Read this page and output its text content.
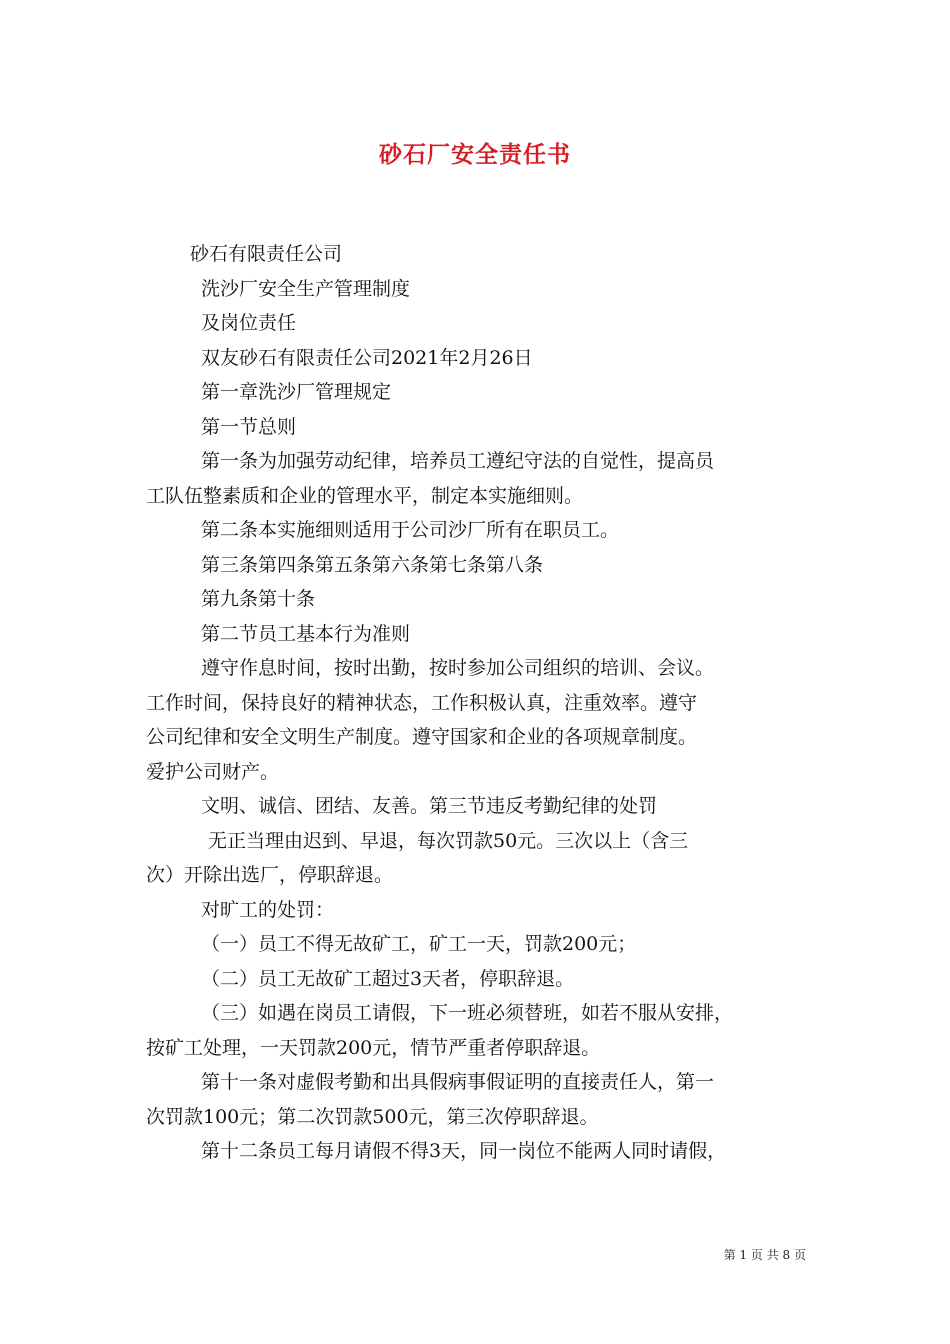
砂石厂安全责任书

砂石有限责任公司

洗沙厂安全生产管理制度

及岗位责任

双友砂石有限责任公司2021年2月26日

第一章洗沙厂管理规定

第一节总则

第一条为加强劳动纪律，培养员工遵纪守法的自觉性，提高员

工队伍整素质和企业的管理水平，制定本实施细则。

第二条本实施细则适用于公司沙厂所有在职员工。

第三条第四条第五条第六条第七条第八条

第九条第十条

第二节员工基本行为准则

遵守作息时间，按时出勤，按时参加公司组织的培训、会议。

工作时间，保持良好的精神状态，工作积极认真，注重效率。遵守

公司纪律和安全文明生产制度。遵守国家和企业的各项规章制度。

爱护公司财产。

文明、诚信、团结、友善。第三节违反考勤纪律的处罚

无正当理由迟到、早退，每次罚款50元。三次以上（含三

次）开除出选厂，停职辞退。

对旷工的处罚：

（一）员工不得无故矿工，矿工一天，罚款200元；

（二）员工无故矿工超过3天者，停职辞退。

（三）如遇在岗员工请假，下一班必须替班，如若不服从安排，

按矿工处理，一天罚款200元，情节严重者停职辞退。

第十一条对虚假考勤和出具假病事假证明的直接责任人，第一

次罚款100元；第二次罚款500元，第三次停职辞退。

第十二条员工每月请假不得3天，同一岗位不能两人同时请假，

第 1 页 共 8 页
